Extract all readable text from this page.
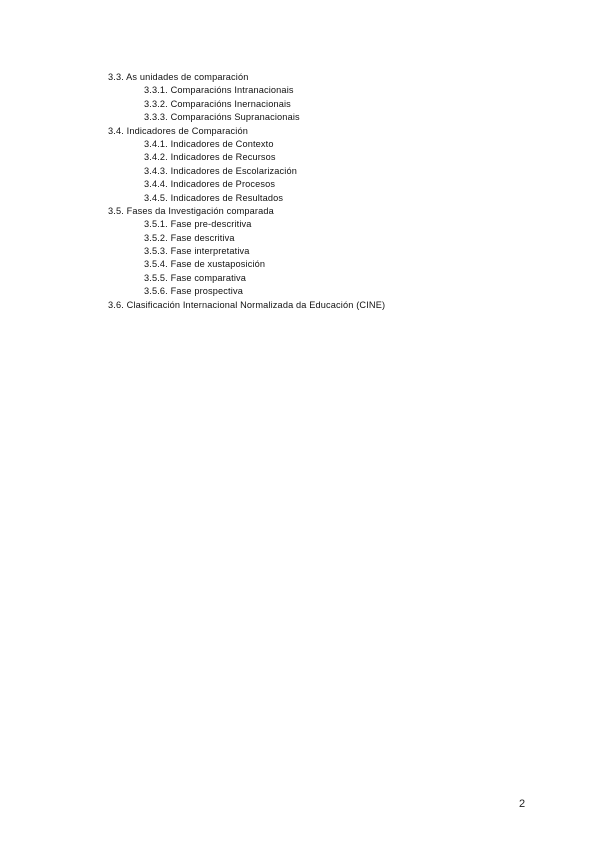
3.3. As unidades de comparación
3.3.1. Comparacións Intranacionais
3.3.2. Comparacións Inernacionais
3.3.3. Comparacións Supranacionais
3.4. Indicadores de Comparación
3.4.1. Indicadores de Contexto
3.4.2. Indicadores de Recursos
3.4.3. Indicadores de Escolarización
3.4.4. Indicadores de Procesos
3.4.5. Indicadores de Resultados
3.5. Fases da Investigación comparada
3.5.1. Fase pre-descritiva
3.5.2. Fase descritiva
3.5.3. Fase interpretativa
3.5.4. Fase de xustaposición
3.5.5. Fase comparativa
3.5.6. Fase prospectiva
3.6. Clasificación Internacional Normalizada da Educación (CINE)
2
